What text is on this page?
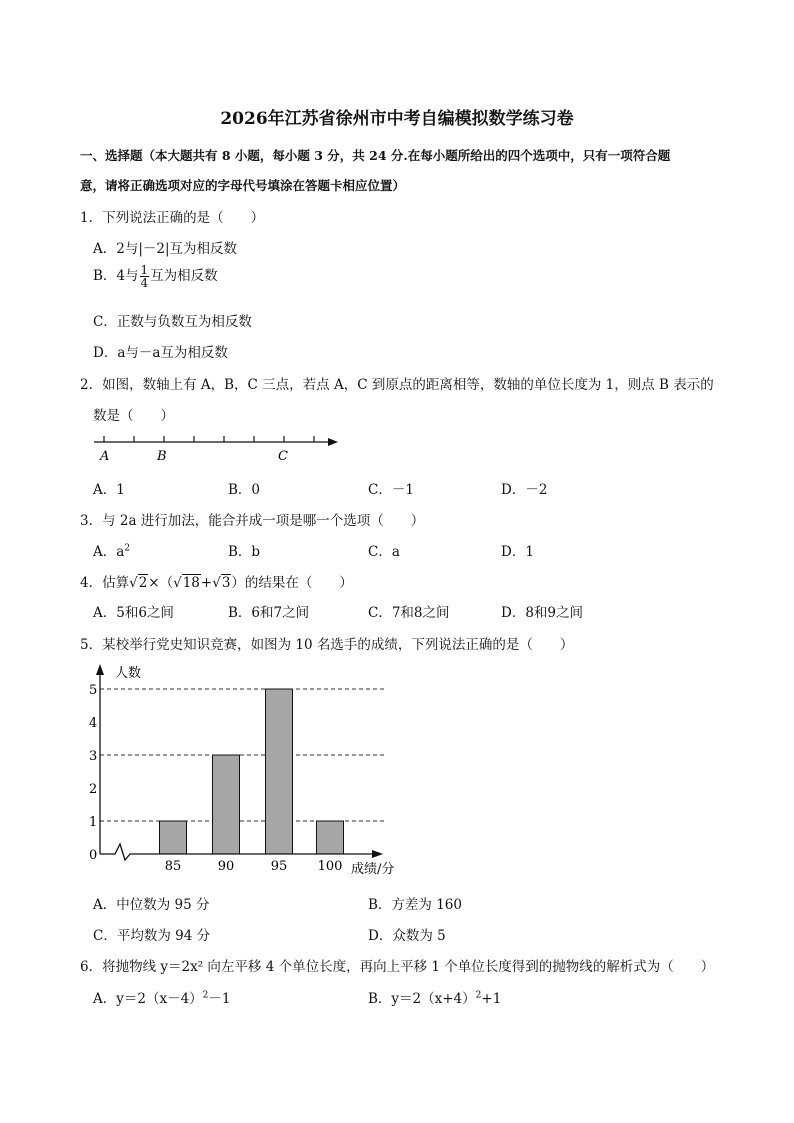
2026年江苏省徐州市中考自编模拟数学练习卷
一、选择题（本大题共有 8 小题，每小题 3 分，共 24 分.在每小题所给出的四个选项中，只有一项符合题
意，请将正确选项对应的字母代号填涂在答题卡相应位置）
1．下列说法正确的是（　　）
A．2与|－2|互为相反数
B．4与 $\frac{1}{4}$ 互为相反数
C．正数与负数互为相反数
D．a与－a互为相反数
2．如图，数轴上有 A，B，C 三点，若点 A，C 到原点的距离相等，数轴的单位长度为 1，则点 B 表示的
数是（　　）
A	B	C
A．1	B．0	C．－1	D．－2
3．与 2a 进行加法，能合并成一项是哪一个选项（　　）
A．$a^2$	B．b	C．a	D．1
4．估算√2×（√18+√3）的结果在（　　）
A．5和6之间	B．6和7之间	C．7和8之间	D．8和9之间
5．某校举行党史知识竞赛，如图为 10 名选手的成绩，下列说法正确的是（　　）
0
1
2
3
4
5
85	90	95 100
人数
成绩/分
A．中位数为 95 分	B．方差为 160
C．平均数为 94 分	D．众数为 5
6．将抛物线 y＝2x² 向左平移 4 个单位长度，再向上平移 1 个单位长度得到的抛物线的解析式为（　　）
A．$y=2(x-4)^2-1$	B．$y=2(x+4)^2+1$
